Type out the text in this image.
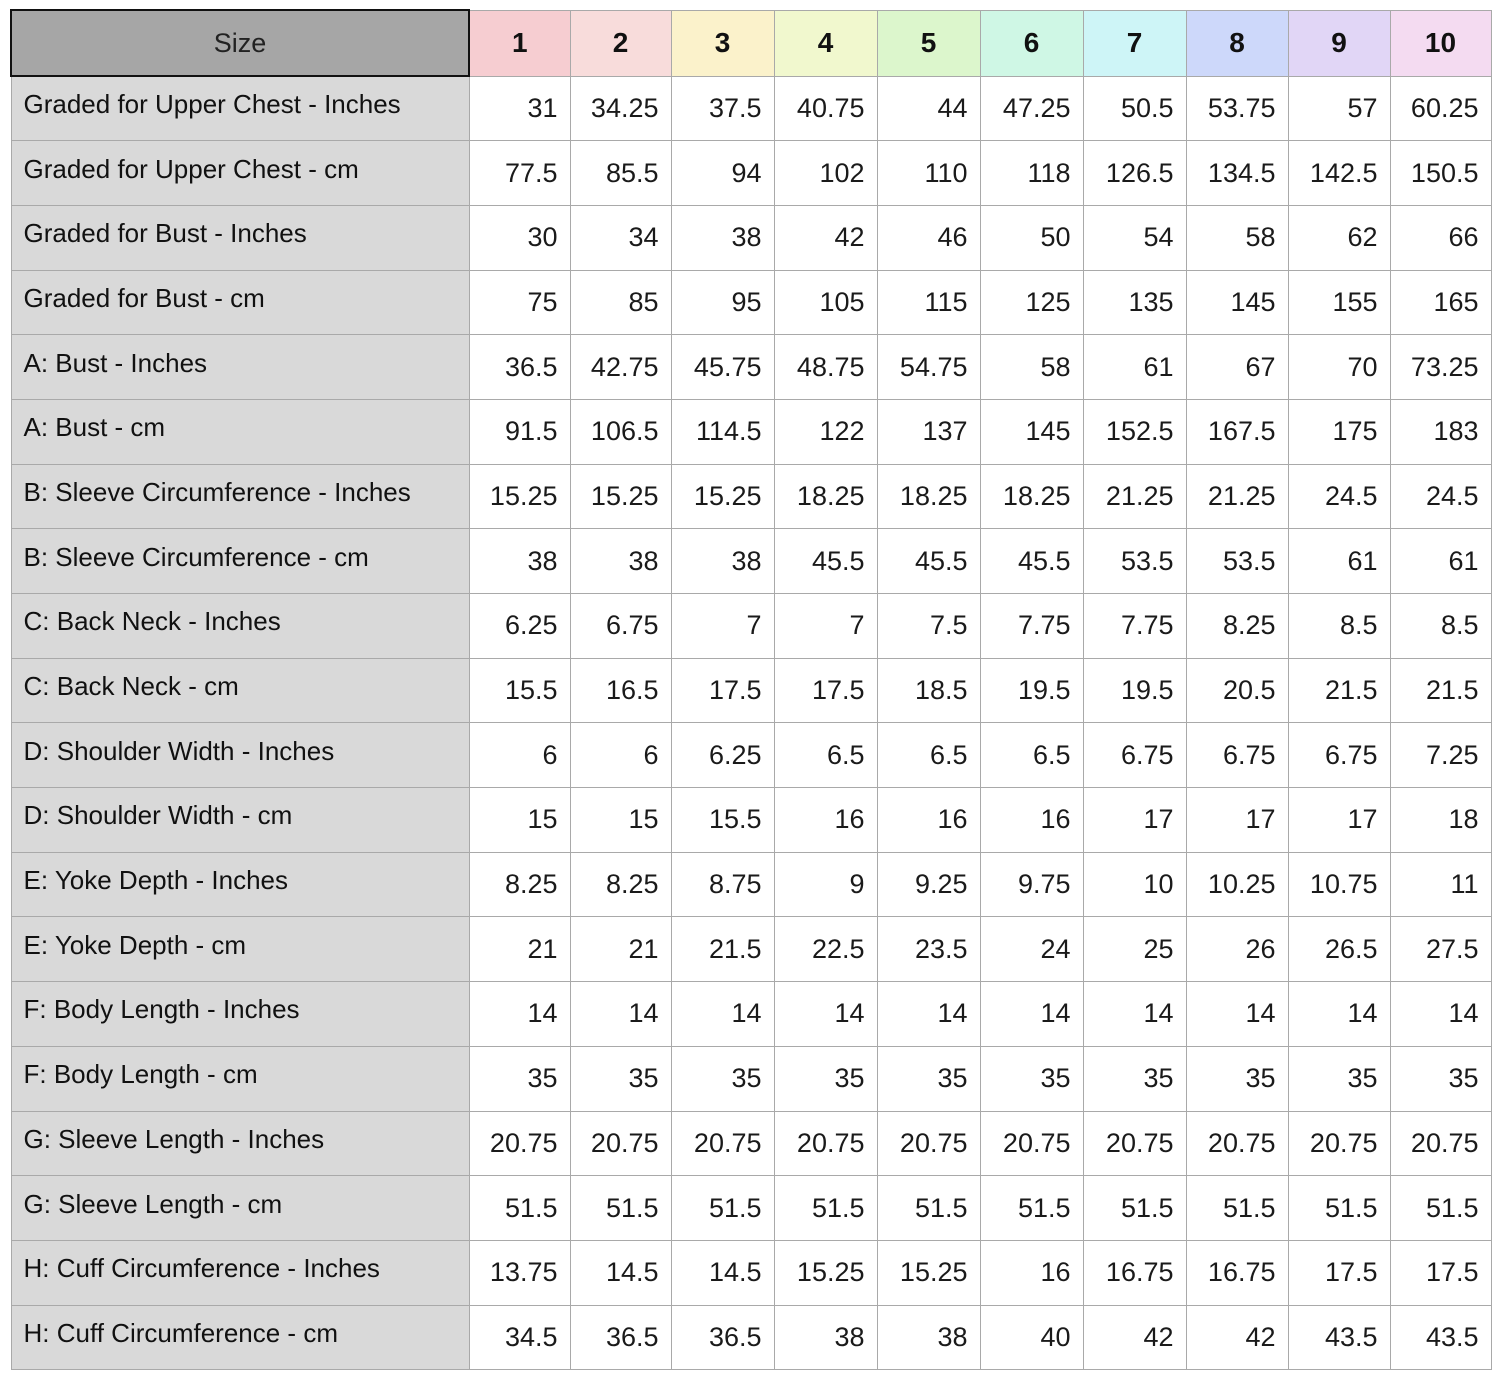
Size	1	2	3	4	5	6	7	8	9	10
Graded for Upper Chest - Inches	31	34.25	37.5	40.75	44	47.25	50.5	53.75	57	60.25
Graded for Upper Chest - cm	77.5	85.5	94	102	110	118	126.5	134.5	142.5	150.5
Graded for Bust - Inches	30	34	38	42	46	50	54	58	62	66
Graded for Bust - cm	75	85	95	105	115	125	135	145	155	165
A: Bust - Inches	36.5	42.75	45.75	48.75	54.75	58	61	67	70	73.25
A: Bust - cm	91.5	106.5	114.5	122	137	145	152.5	167.5	175	183
B: Sleeve Circumference - Inches	15.25	15.25	15.25	18.25	18.25	18.25	21.25	21.25	24.5	24.5
B: Sleeve Circumference - cm	38	38	38	45.5	45.5	45.5	53.5	53.5	61	61
C: Back Neck - Inches	6.25	6.75	7	7	7.5	7.75	7.75	8.25	8.5	8.5
C: Back Neck - cm	15.5	16.5	17.5	17.5	18.5	19.5	19.5	20.5	21.5	21.5
D: Shoulder Width - Inches	6	6	6.25	6.5	6.5	6.5	6.75	6.75	6.75	7.25
D: Shoulder Width - cm	15	15	15.5	16	16	16	17	17	17	18
E: Yoke Depth - Inches	8.25	8.25	8.75	9	9.25	9.75	10	10.25	10.75	11
E: Yoke Depth - cm	21	21	21.5	22.5	23.5	24	25	26	26.5	27.5
F: Body Length - Inches	14	14	14	14	14	14	14	14	14	14
F: Body Length - cm	35	35	35	35	35	35	35	35	35	35
G: Sleeve Length - Inches	20.75	20.75	20.75	20.75	20.75	20.75	20.75	20.75	20.75	20.75
G: Sleeve Length - cm	51.5	51.5	51.5	51.5	51.5	51.5	51.5	51.5	51.5	51.5
H: Cuff Circumference - Inches	13.75	14.5	14.5	15.25	15.25	16	16.75	16.75	17.5	17.5
H: Cuff Circumference - cm	34.5	36.5	36.5	38	38	40	42	42	43.5	43.5
